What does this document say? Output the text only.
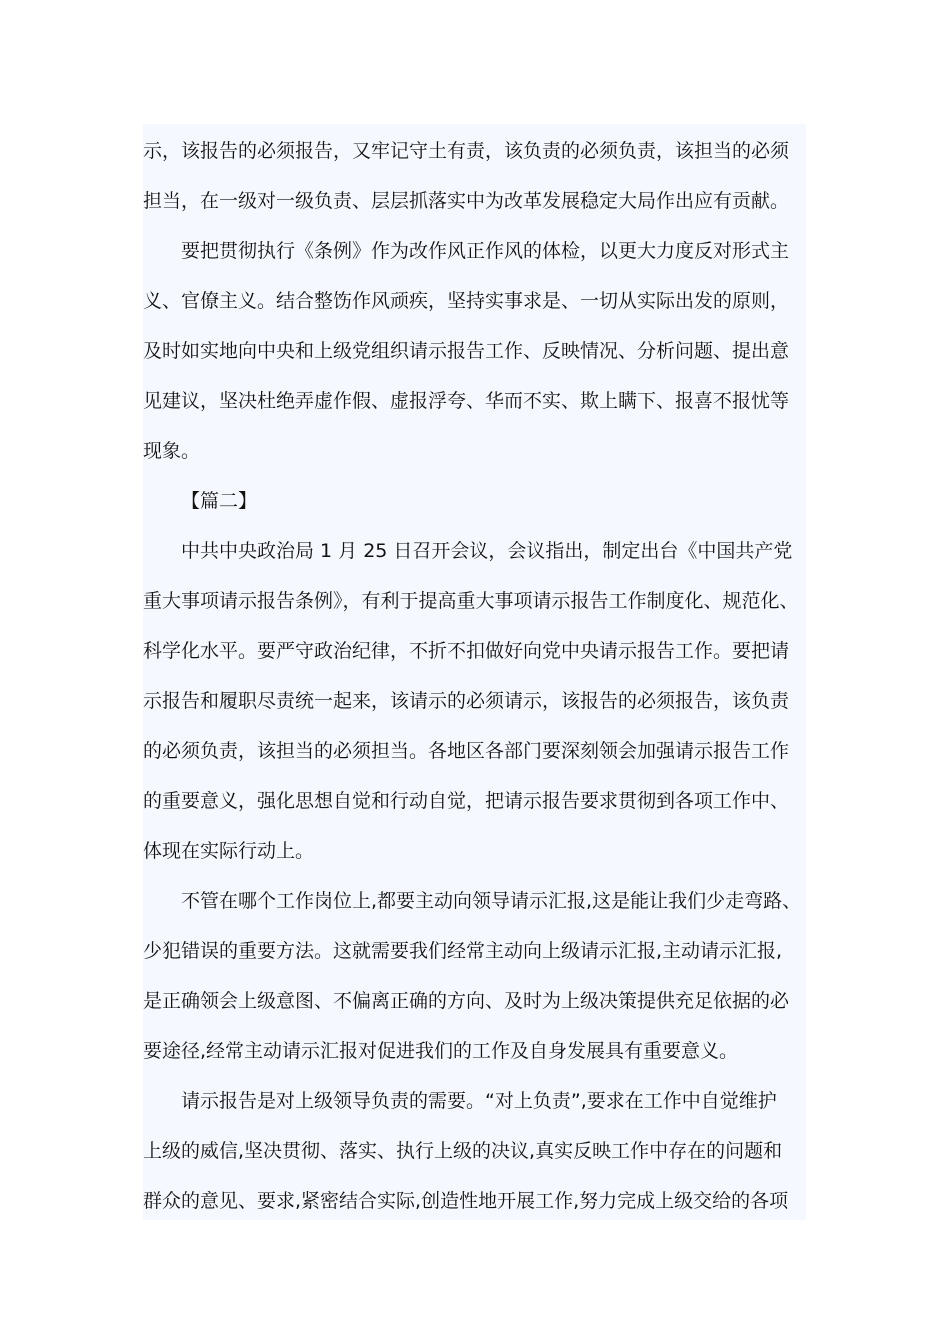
示，该报告的必须报告，又牢记守土有责，该负责的必须负责，该担当的必须
担当，在一级对一级负责、层层抓落实中为改革发展稳定大局作出应有贡献。
要把贯彻执行《条例》作为改作风正作风的体检，以更大力度反对形式主
义、官僚主义。结合整饬作风顽疾，坚持实事求是、一切从实际出发的原则，
及时如实地向中央和上级党组织请示报告工作、反映情况、分析问题、提出意
见建议，坚决杜绝弄虚作假、虚报浮夸、华而不实、欺上瞒下、报喜不报忧等
现象。
【篇二】
中共中央政治局 1 月 25 日召开会议，会议指出，制定出台《中国共产党
重大事项请示报告条例》，有利于提高重大事项请示报告工作制度化、规范化、
科学化水平。要严守政治纪律，不折不扣做好向党中央请示报告工作。要把请
示报告和履职尽责统一起来，该请示的必须请示，该报告的必须报告，该负责
的必须负责，该担当的必须担当。各地区各部门要深刻领会加强请示报告工作
的重要意义，强化思想自觉和行动自觉，把请示报告要求贯彻到各项工作中、
体现在实际行动上。
不管在哪个工作岗位上,都要主动向领导请示汇报,这是能让我们少走弯路、
少犯错误的重要方法。这就需要我们经常主动向上级请示汇报,主动请示汇报,
是正确领会上级意图、不偏离正确的方向、及时为上级决策提供充足依据的必
要途径,经常主动请示汇报对促进我们的工作及自身发展具有重要意义。
请示报告是对上级领导负责的需要。“对上负责”,要求在工作中自觉维护
上级的威信,坚决贯彻、落实、执行上级的决议,真实反映工作中存在的问题和
群众的意见、要求,紧密结合实际,创造性地开展工作,努力完成上级交给的各项
